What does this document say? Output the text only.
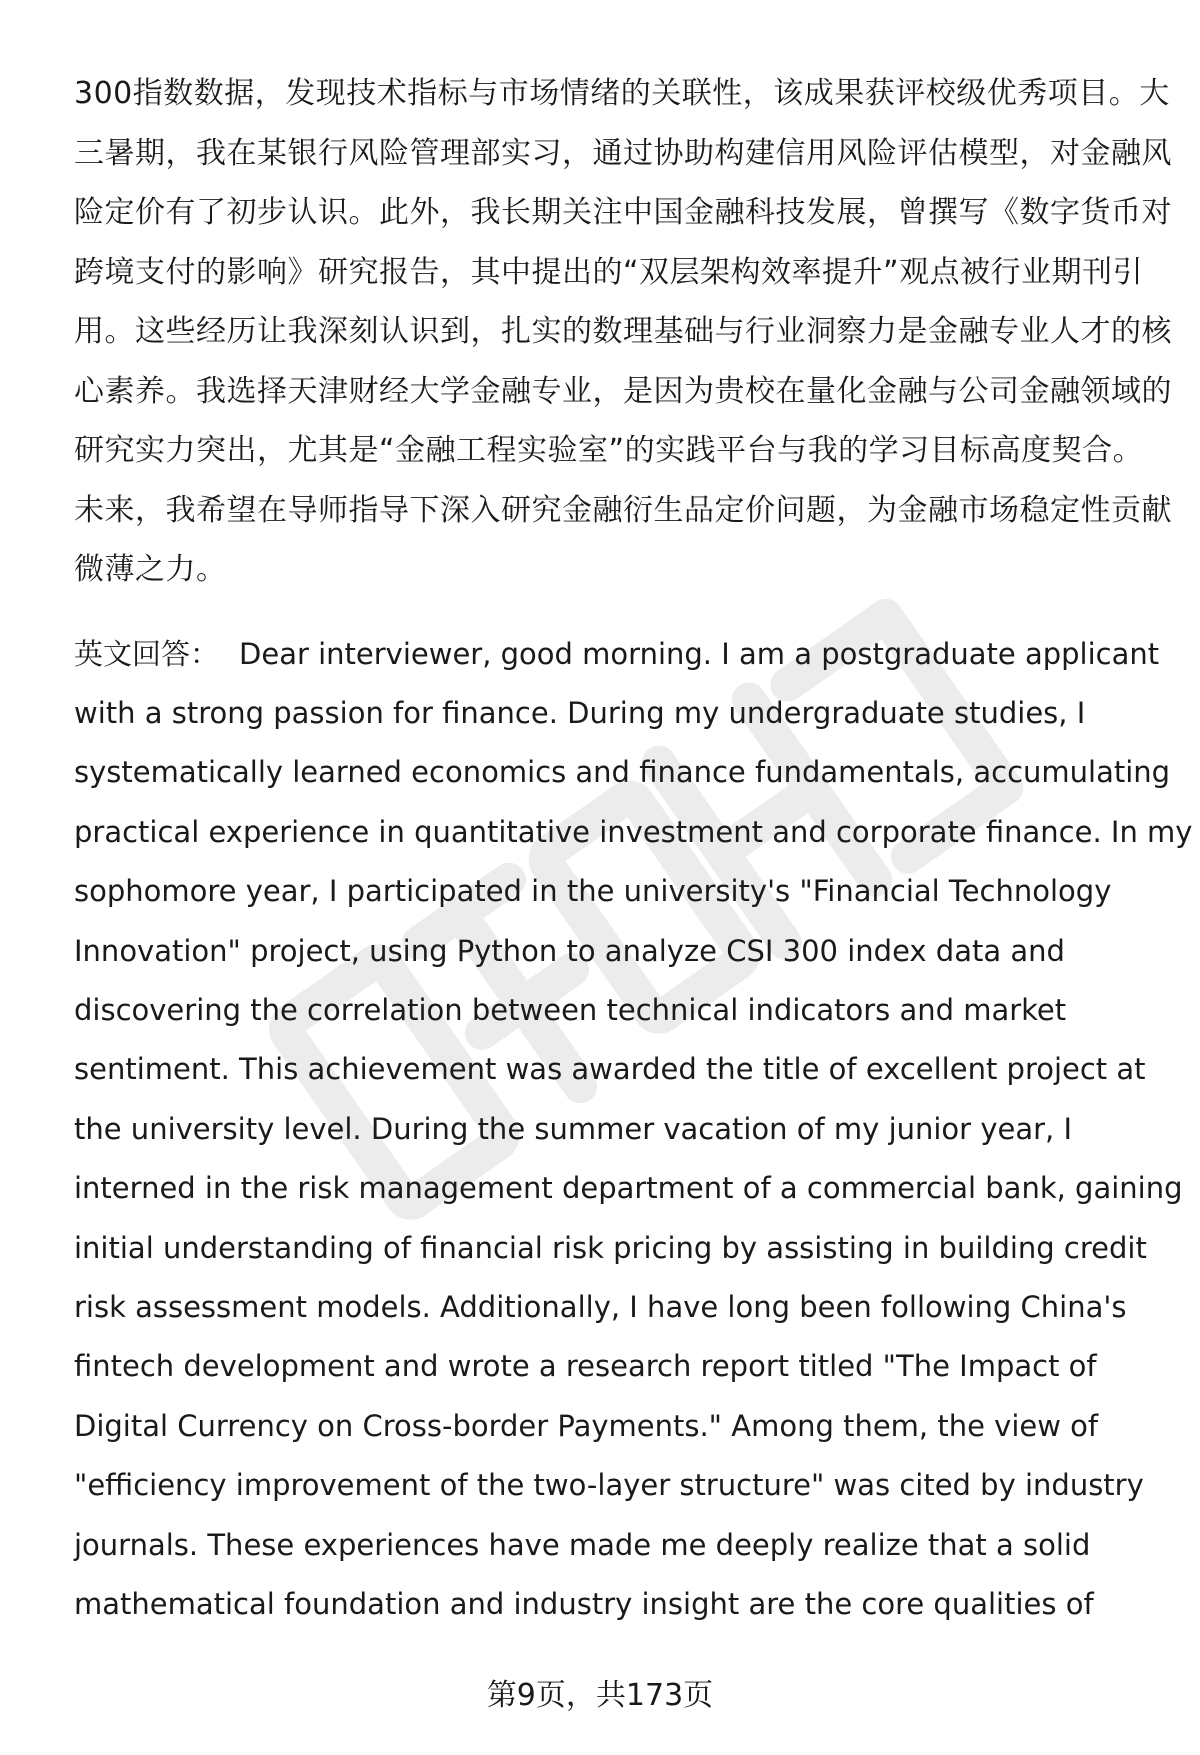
300指数数据，发现技术指标与市场情绪的关联性，该成果获评校级优秀项目。大
三暑期，我在某银行风险管理部实习，通过协助构建信用风险评估模型，对金融风
险定价有了初步认识。此外，我长期关注中国金融科技发展，曾撰写《数字货币对
跨境支付的影响》研究报告，其中提出的“双层架构效率提升”观点被行业期刊引
用。这些经历让我深刻认识到，扎实的数理基础与行业洞察力是金融专业人才的核
心素养。我选择天津财经大学金融专业，是因为贵校在量化金融与公司金融领域的
研究实力突出，尤其是“金融工程实验室”的实践平台与我的学习目标高度契合。
未来，我希望在导师指导下深入研究金融衍生品定价问题，为金融市场稳定性贡献
微薄之力。

英文回答： Dear interviewer, good morning. I am a postgraduate applicant
with a strong passion for finance. During my undergraduate studies, I
systematically learned economics and finance fundamentals, accumulating
practical experience in quantitative investment and corporate finance. In my
sophomore year, I participated in the university's "Financial Technology
Innovation" project, using Python to analyze CSI 300 index data and
discovering the correlation between technical indicators and market
sentiment. This achievement was awarded the title of excellent project at
the university level. During the summer vacation of my junior year, I
interned in the risk management department of a commercial bank, gaining
initial understanding of financial risk pricing by assisting in building credit
risk assessment models. Additionally, I have long been following China's
fintech development and wrote a research report titled "The Impact of
Digital Currency on Cross-border Payments." Among them, the view of
"efficiency improvement of the two-layer structure" was cited by industry
journals. These experiences have made me deeply realize that a solid
mathematical foundation and industry insight are the core qualities of

第9页，共173页
